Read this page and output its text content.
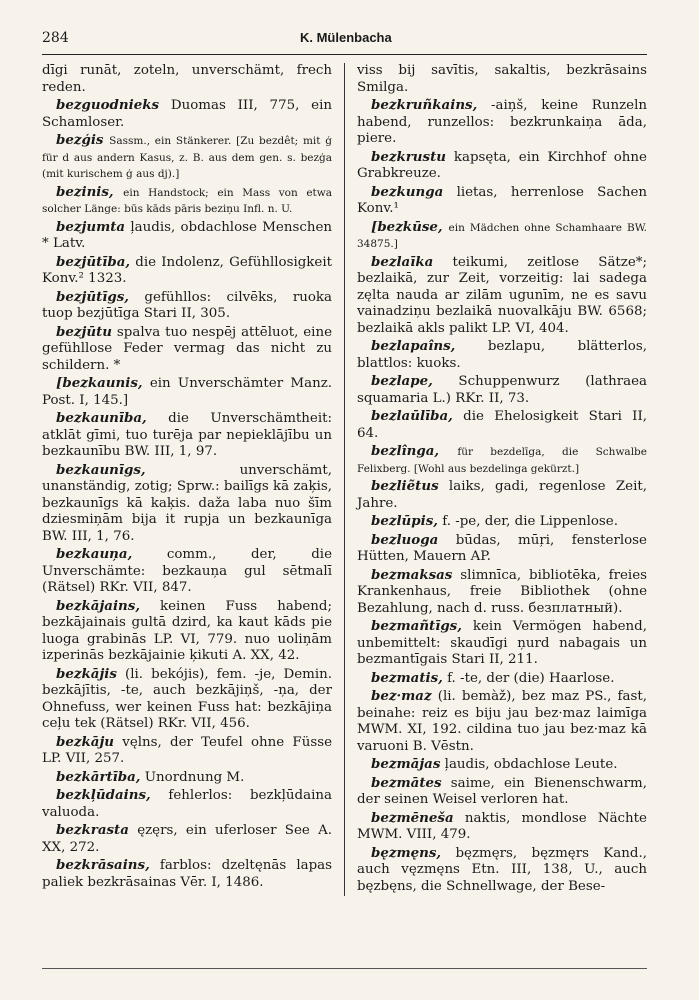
284	K. Mülenbacha

dīgi runāt, zoteln, unverschämt, frech reden.

bezguodnieks Duomas III, 775, ein Schamloser.

bezģis Sassm., ein Stänkerer. [Zu bezdêt; mit ģ für d aus andern Kasus, z. B. aus dem gen. s. bezģa (mit kurischem ģ aus dj).]

bezinis, ein Handstock; ein Mass von etwa solcher Länge: būs kāds pāris beziņu Infl. n. U.

bezjumta ļaudis, obdachlose Menschen * Latv.

bezjūtība, die Indolenz, Gefühllosigkeit Konv.² 1323.

bezjūtīgs, gefühllos: cilvēks, ruoka tuop bezjūtīga Stari II, 305.

bezjūtu spalva tuo nespēj attēluot, eine gefühllose Feder vermag das nicht zu schildern. *

[bezkaunis, ein Unverschämter Manz. Post. I, 145.]

bezkaunība, die Unverschämtheit: atklāt gīmi, tuo turēja par nepieklājību un bezkaunību BW. III, 1, 97.

bezkaunīgs,	unverschämt, unanständig, zotig; Sprw.: bailīgs kā zaķis, bezkaunīgs kā kaķis. daža laba nuo šīm dziesmiņām bija it rupja un bezkaunīga BW. III, 1, 76.

bezkauņa,	comm., der, die Unverschämte: bezkauņa gul sētmalī (Rätsel) RKr. VII, 847.

bezkājains, keinen Fuss habend; bezkājainais gultā dzird, ka kaut kāds pie luoga grabinās LP. VI, 779. nuo uoliņām izperinās bezkājainie ķikuti A. XX, 42.

bezkājis (li. bekójis), fem. -je, Demin. bezkājītis, -te, auch bezkājiņš, -ņa, der Ohnefuss, wer keinen Fuss hat: bezkājiņa ceļu tek (Rätsel) RKr. VII, 456.

bezkāju vęlns, der Teufel ohne Füsse LP. VII, 257.

bezkārtība, Unordnung M.

bezkļūdains, fehlerlos: bezkļūdaina valuoda.

bezkrasta ęzęrs, ein uferloser See A. XX, 272.

bezkrāsains, farblos: dzeltęnās lapas paliek bezkrāsainas Vēr. I, 1486.

viss bij savītis, sakaltis, bezkrāsains Smilga.

bezkruñkains, -aiņš, keine Runzeln habend, runzellos: bezkrunkaiņa āda, piere.

bezkrustu kapsęta, ein Kirchhof ohne Grabkreuze.

bezkunga lietas, herrenlose Sachen Konv.¹

[bezkūse, ein Mädchen ohne Schamhaare BW. 34875.]

bezlaīka teikumi, zeitlose Sätze*; bezlaikā, zur Zeit, vorzeitig: lai sadega zęlta nauda ar zilām ugunīm, ne es savu vainadziņu bezlaikā nuovalkāju BW. 6568; bezlaikā akls palikt LP. VI, 404.

bezlapaîns, bezlapu, blätterlos, blattlos: kuoks.

bezlape, Schuppenwurz (lathraea squamaria L.) RKr. II, 73.

bezlaūlība, die Ehelosigkeit Stari II, 64.

bezlînga, für bezdelīga, die Schwalbe Felixberg. [Wohl aus bezdelinga gekürzt.]

bezliẽtus laiks, gadi, regenlose Zeit, Jahre.

bezlūpis, f. -pe, der, die Lippenlose.

bezluoga būdas, mūŗi, fensterlose Hütten, Mauern AP.

bezmaksas slimnīca, bibliotēka, freies Krankenhaus, freie Bibliothek (ohne Bezahlung, nach d. russ. безплатный).

bezmañtīgs, kein Vermögen habend, unbemittelt: skaudīgi ņurd nabagais un bezmantīgais Stari II, 211.

bezmatis, f. -te, der (die) Haarlose.

bez·maz (li. bemàž), bez maz PS., fast, beinahe: reiz es biju jau bez·maz laimīga MWM. XI, 192. cildina tuo jau bez·maz kā varuoni B. Vēstn.

bezmājas ļaudis, obdachlose Leute.

bezmātes saime, ein Bienenschwarm, der seinen Weisel verloren hat.

bezmēneša naktis, mondlose Nächte MWM. VIII, 479.

bęzmęns, bęzmęrs, bęzmęrs Kand., auch vęzmęns Etn. III, 138, U., auch bęzbęns, die Schnellwage, der Bese-
